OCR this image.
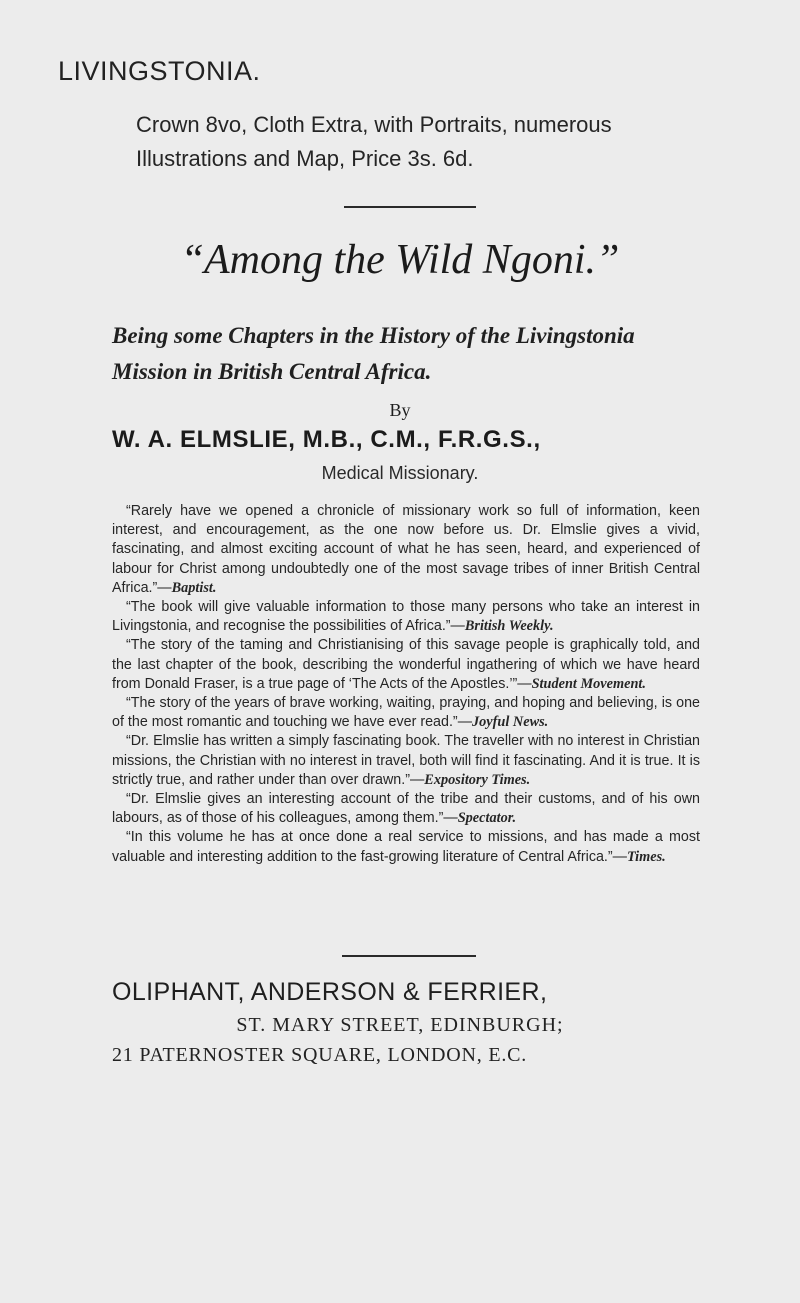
LIVINGSTONIA.
Crown 8vo, Cloth Extra, with Portraits, numerous Illustrations and Map, Price 3s. 6d.
“Among the Wild Ngoni.”
Being some Chapters in the History of the Livingstonia Mission in British Central Africa.
By
W. A. ELMSLIE, M.B., C.M., F.R.G.S.,
Medical Missionary.

“Rarely have we opened a chronicle of missionary work so full of information, keen interest, and encouragement, as the one now before us. Dr. Elmslie gives a vivid, fascinating, and almost exciting account of what he has seen, heard, and experienced of labour for Christ among undoubtedly one of the most savage tribes of inner British Central Africa.”—Baptist.

“The book will give valuable information to those many persons who take an interest in Livingstonia, and recognise the possibilities of Africa.”—British Weekly.

“The story of the taming and Christianising of this savage people is graphically told, and the last chapter of the book, describing the wonderful ingathering of which we have heard from Donald Fraser, is a true page of ‘The Acts of the Apostles.’”—Student Movement.

“The story of the years of brave working, waiting, praying, and hoping and believing, is one of the most romantic and touching we have ever read.”—Joyful News.

“Dr. Elmslie has written a simply fascinating book. The traveller with no interest in Christian missions, the Christian with no interest in travel, both will find it fascinating. And it is true. It is strictly true, and rather under than over drawn.”—Expository Times.

“Dr. Elmslie gives an interesting account of the tribe and their customs, and of his own labours, as of those of his colleagues, among them.”—Spectator.

“In this volume he has at once done a real service to missions, and has made a most valuable and interesting addition to the fast-growing literature of Central Africa.”—Times.

OLIPHANT, ANDERSON & FERRIER,
ST. MARY STREET, EDINBURGH;
21 PATERNOSTER SQUARE, LONDON, E.C.
